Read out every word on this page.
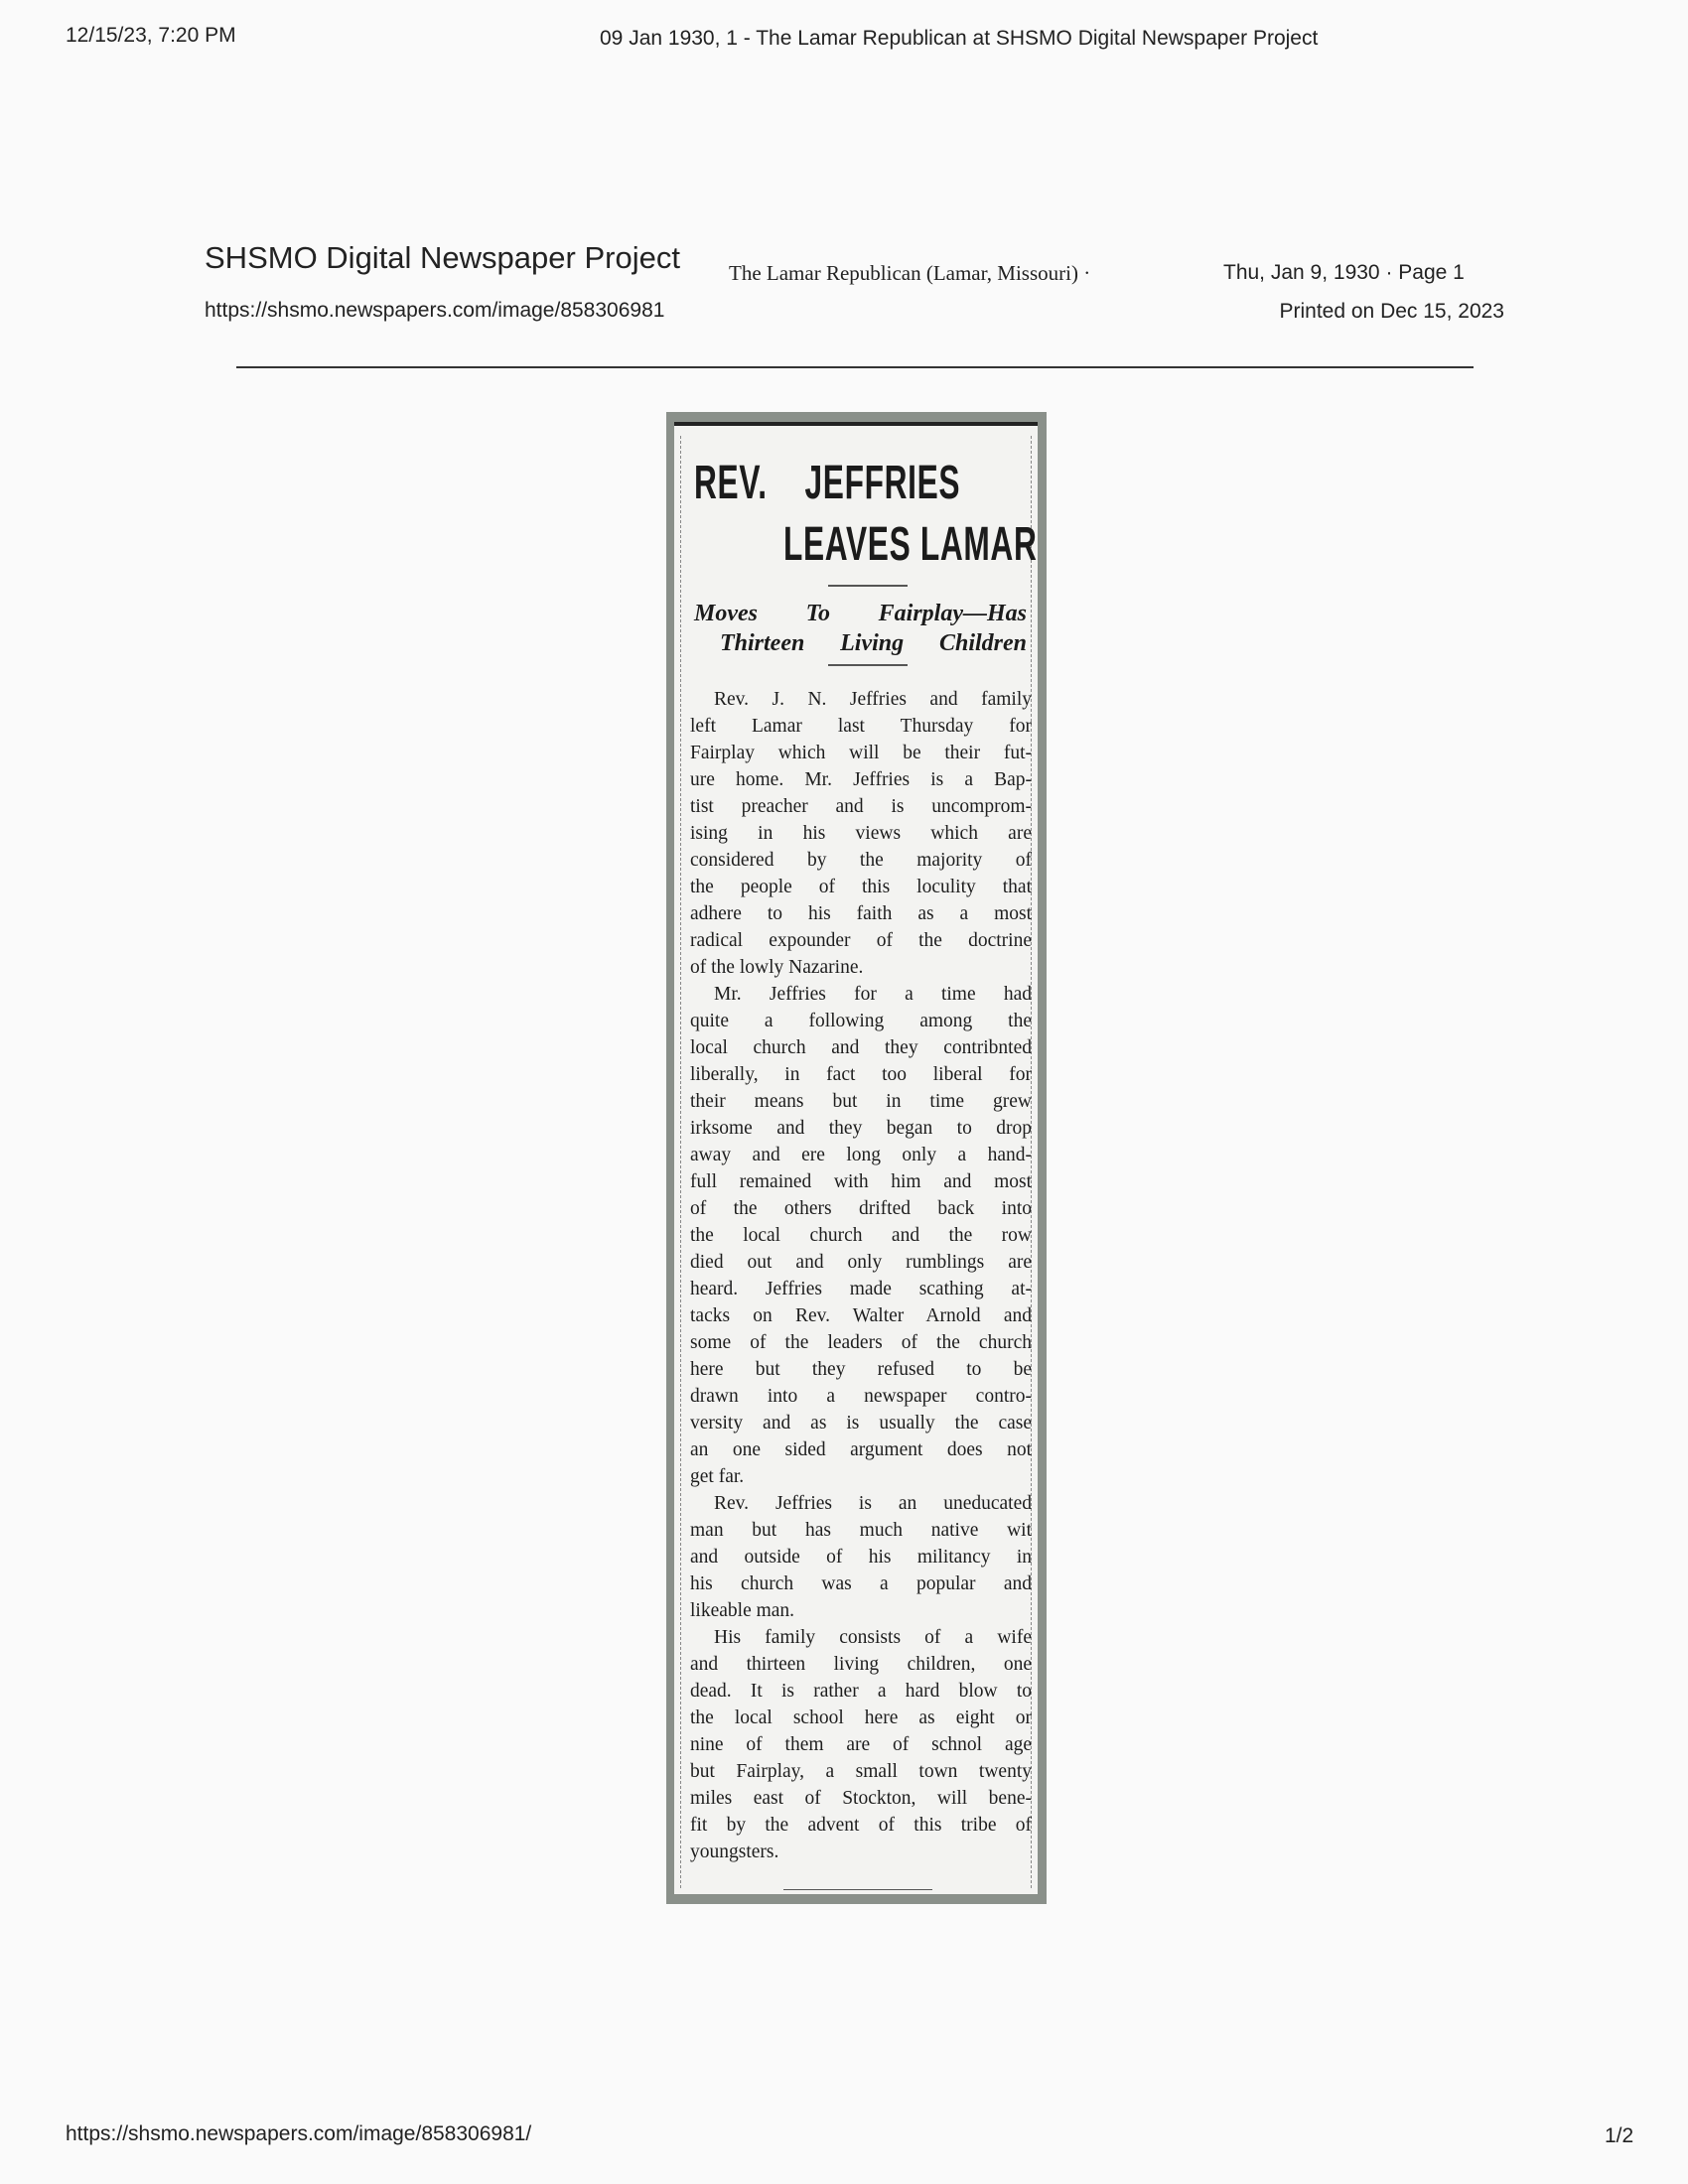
12/15/23, 7:20 PM	09 Jan 1930, 1 - The Lamar Republican at SHSMO Digital Newspaper Project
SHSMO Digital Newspaper Project The Lamar Republican (Lamar, Missouri) ·	Thu, Jan 9, 1930 · Page 1
https://shsmo.newspapers.com/image/858306981	Printed on Dec 15, 2023
REV.    JEFFRIES
LEAVES LAMAR
Moves To Fairplay—Has
Thirteen Living Children
Rev. J. N. Jeffries and family
left Lamar last Thursday for
Fairplay which will be their fut-
ure home. Mr. Jeffries is a Bap-
tist preacher and is uncomprom-
ising in his views which are
considered by the majority of
the people of this loculity that
adhere to his faith as a most
radical expounder of the doctrine
of the lowly Nazarine.
Mr. Jeffries for a time had
quite a following among the
local church and they contribnted
liberally, in fact too liberal for
their means but in time grew
irksome and they began to drop
away and ere long only a hand-
full remained with him and most
of the others drifted back into
the local church and the row
died out and only rumblings are
heard. Jeffries made scathing at-
tacks on Rev. Walter Arnold and
some of the leaders of the church
here but they refused to be
drawn into a newspaper contro-
versity and as is usually the case
an one sided argument does not
get far.
Rev. Jeffries is an uneducated
man but has much native wit
and outside of his militancy in
his church was a popular and
likeable man.
His family consists of a wife
and thirteen living children, one
dead. It is rather a hard blow to
the local school here as eight or
nine of them are of schnol age
but Fairplay, a small town twenty
miles east of Stockton, will bene-
fit by the advent of this tribe of
youngsters.
https://shsmo.newspapers.com/image/858306981/	1/2
